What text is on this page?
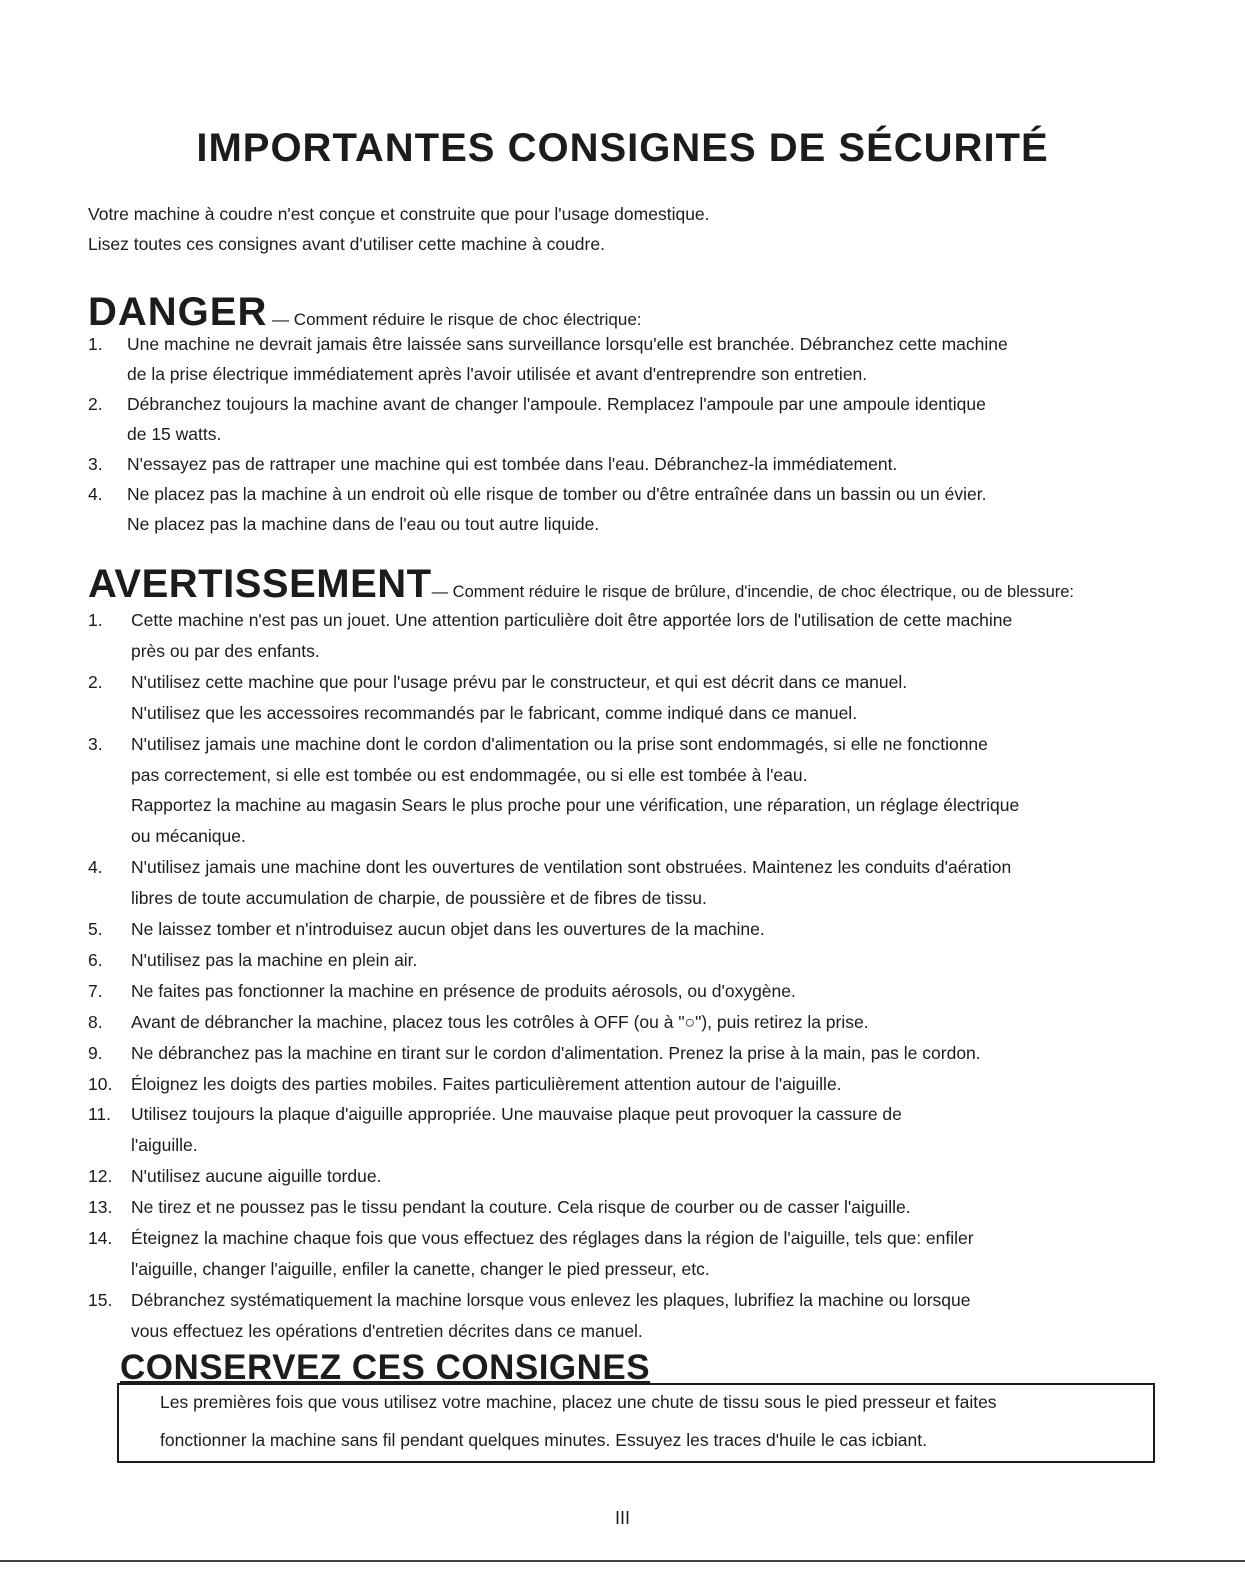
IMPORTANTES CONSIGNES DE SÉCURITÉ

Votre machine à coudre n'est conçue et construite que pour l'usage domestique.

Lisez toutes ces consignes avant d'utiliser cette machine à coudre.

DANGER — Comment réduire le risque de choc électrique:
1. Une machine ne devrait jamais être laissée sans surveillance lorsqu'elle est branchée. Débranchez cette machine
de la prise électrique immédiatement après l'avoir utilisée et avant d'entreprendre son entretien.
2. Débranchez toujours la machine avant de changer l'ampoule. Remplacez l'ampoule par une ampoule identique
de 15 watts.
3. N'essayez pas de rattraper une machine qui est tombée dans l'eau. Débranchez-la immédiatement.
4. Ne placez pas la machine à un endroit où elle risque de tomber ou d'être entraînée dans un bassin ou un évier.
Ne placez pas la machine dans de l'eau ou tout autre liquide.
AVERTISSEMENT— Comment réduire le risque de brûlure, d'incendie, de choc électrique, ou de blessure:
1. Cette machine n'est pas un jouet. Une attention particulière doit être apportée lors de l'utilisation de cette machine
près ou par des enfants.
2. N'utilisez cette machine que pour l'usage prévu par le constructeur, et qui est décrit dans ce manuel.
N'utilisez que les accessoires recommandés par le fabricant, comme indiqué dans ce manuel.
3. N'utilisez jamais une machine dont le cordon d'alimentation ou la prise sont endommagés, si elle ne fonctionne
pas correctement, si elle est tombée ou est endommagée, ou si elle est tombée à l'eau.
Rapportez la machine au magasin Sears le plus proche pour une vérification, une réparation, un réglage électrique
ou mécanique.
4. N'utilisez jamais une machine dont les ouvertures de ventilation sont obstruées. Maintenez les conduits d'aération
libres de toute accumulation de charpie, de poussière et de fibres de tissu.
5. Ne laissez tomber et n'introduisez aucun objet dans les ouvertures de la machine.
6. N'utilisez pas la machine en plein air.
7. Ne faites pas fonctionner la machine en présence de produits aérosols, ou d'oxygène.
8. Avant de débrancher la machine, placez tous les cotrôles à OFF (ou à "○"), puis retirez la prise.
9. Ne débranchez pas la machine en tirant sur le cordon d'alimentation. Prenez la prise à la main, pas le cordon.
10. Éloignez les doigts des parties mobiles. Faites particulièrement attention autour de l'aiguille.
11. Utilisez toujours la plaque d'aiguille appropriée. Une mauvaise plaque peut provoquer la cassure de
l'aiguille.
12. N'utilisez aucune aiguille tordue.
13. Ne tirez et ne poussez pas le tissu pendant la couture. Cela risque de courber ou de casser l'aiguille.
14. Éteignez la machine chaque fois que vous effectuez des réglages dans la région de l'aiguille, tels que: enfiler
l'aiguille, changer l'aiguille, enfiler la canette, changer le pied presseur, etc.
15. Débranchez systématiquement la machine lorsque vous enlevez les plaques, lubrifiez la machine ou lorsque
vous effectuez les opérations d'entretien décrites dans ce manuel.
CONSERVEZ CES CONSIGNES

Les premières fois que vous utilisez votre machine, placez une chute de tissu sous le pied presseur et faites

fonctionner la machine sans fil pendant quelques minutes. Essuyez les traces d'huile le cas icbiant.

III
